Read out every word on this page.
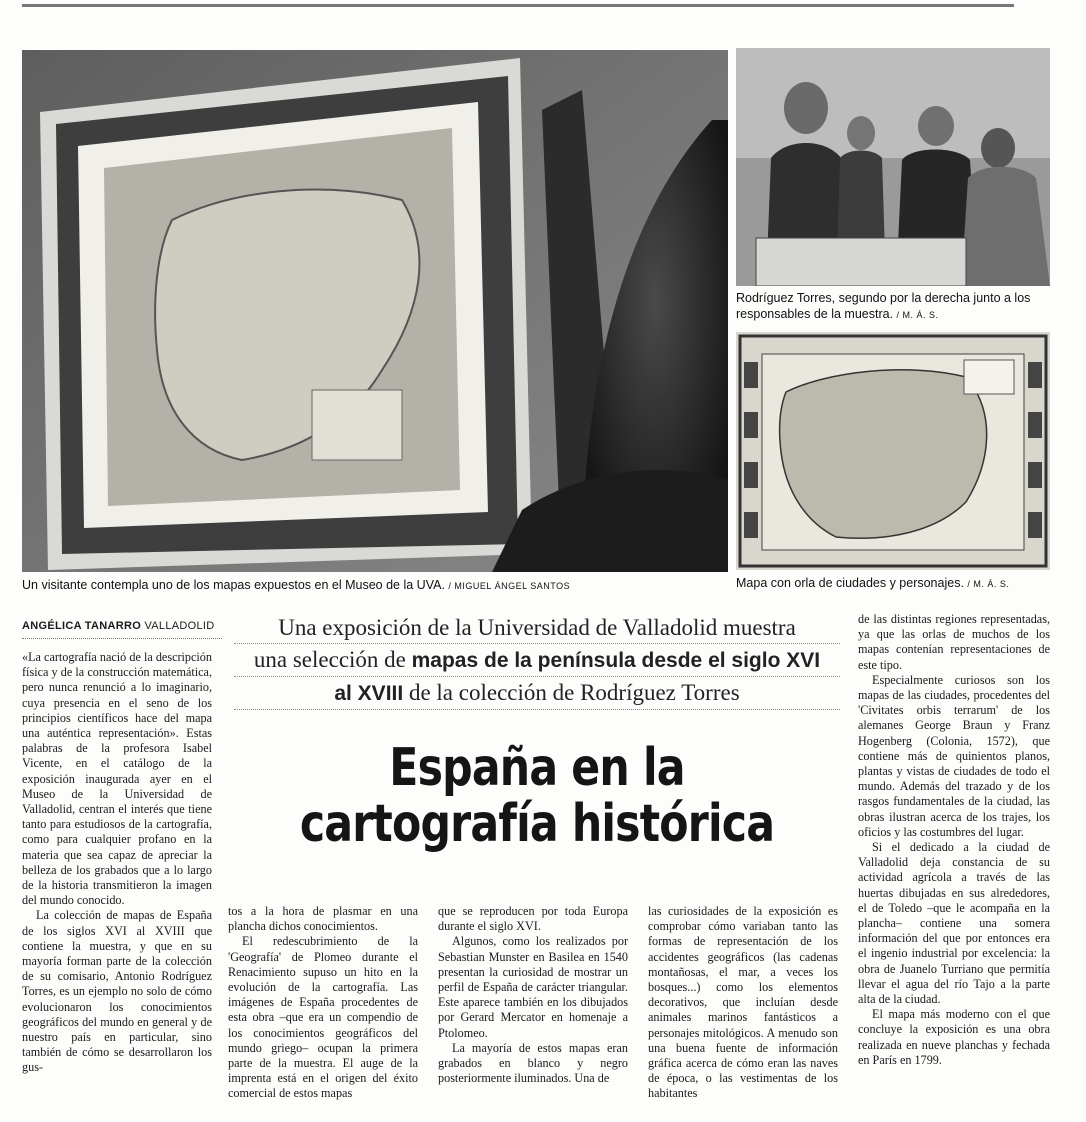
Un visitante contempla uno de los mapas expuestos en el Museo de la UVA. / MIGUEL ÁNGEL SANTOS
Rodríguez Torres, segundo por la derecha junto a los responsables de la muestra. / M. Á. S.
Mapa con orla de ciudades y personajes. / M. Á. S.
ANGÉLICA TANARRO VALLADOLID	Una exposición de la Universidad de Valladolid muestra
una selección de mapas de la península desde el siglo XVI
al XVIII de la colección de Rodríguez Torres
España en la
cartografía histórica

«La cartografía nació de la descripción física y de la construcción matemática, pero nunca renunció a lo imaginario, cuya presencia en el seno de los principios científicos hace del mapa una auténtica representación». Estas palabras de la profesora Isabel Vicente, en el catálogo de la exposición inaugurada ayer en el Museo de la Universidad de Valladolid, centran el interés que tiene tanto para estudiosos de la cartografía, como para cualquier profano en la materia que sea capaz de apreciar la belleza de los grabados que a lo largo de la historia transmitieron la imagen del mundo conocido.

La colección de mapas de España de los siglos XVI al XVIII que contiene la muestra, y que en su mayoría forman parte de la colección de su comisario, Antonio Rodríguez Torres, es un ejemplo no solo de cómo evolucionaron los conocimientos geográficos del mundo en general y de nuestro país en particular, sino también de cómo se desarrollaron los gus-

tos a la hora de plasmar en una plancha dichos conocimientos.

El redescubrimiento de la 'Geografía' de Plomeo durante el Renacimiento supuso un hito en la evolución de la cartografía. Las imágenes de España procedentes de esta obra –que era un compendio de los conocimientos geográficos del mundo griego– ocupan la primera parte de la muestra. El auge de la imprenta está en el origen del éxito comercial de estos mapas

que se reproducen por toda Europa durante el siglo XVI.

Algunos, como los realizados por Sebastian Munster en Basilea en 1540 presentan la curiosidad de mostrar un perfil de España de carácter triangular. Este aparece también en los dibujados por Gerard Mercator en homenaje a Ptolomeo.

La mayoría de estos mapas eran grabados en blanco y negro posteriormente iluminados. Una de

las curiosidades de la exposición es comprobar cómo variaban tanto las formas de representación de los accidentes geográficos (las cadenas montañosas, el mar, a veces los bosques...) como los elementos decorativos, que incluían desde animales marinos fantásticos a personajes mitológicos. A menudo son una buena fuente de información gráfica acerca de cómo eran las naves de época, o las vestimentas de los habitantes

de las distintas regiones representadas, ya que las orlas de muchos de los mapas contenían representaciones de este tipo.

Especialmente curiosos son los mapas de las ciudades, procedentes del 'Civitates orbis terrarum' de los alemanes George Braun y Franz Hogenberg (Colonia, 1572), que contiene más de quinientos planos, plantas y vistas de ciudades de todo el mundo. Además del trazado y de los rasgos fundamentales de la ciudad, las obras ilustran acerca de los trajes, los oficios y las costumbres del lugar.

Si el dedicado a la ciudad de Valladolid deja constancia de su actividad agrícola a través de las huertas dibujadas en sus alrededores, el de Toledo –que le acompaña en la plancha– contiene una somera información del que por entonces era el ingenio industrial por excelencia: la obra de Juanelo Turriano que permitía llevar el agua del río Tajo a la parte alta de la ciudad.

El mapa más moderno con el que concluye la exposición es una obra realizada en nueve planchas y fechada en París en 1799.
